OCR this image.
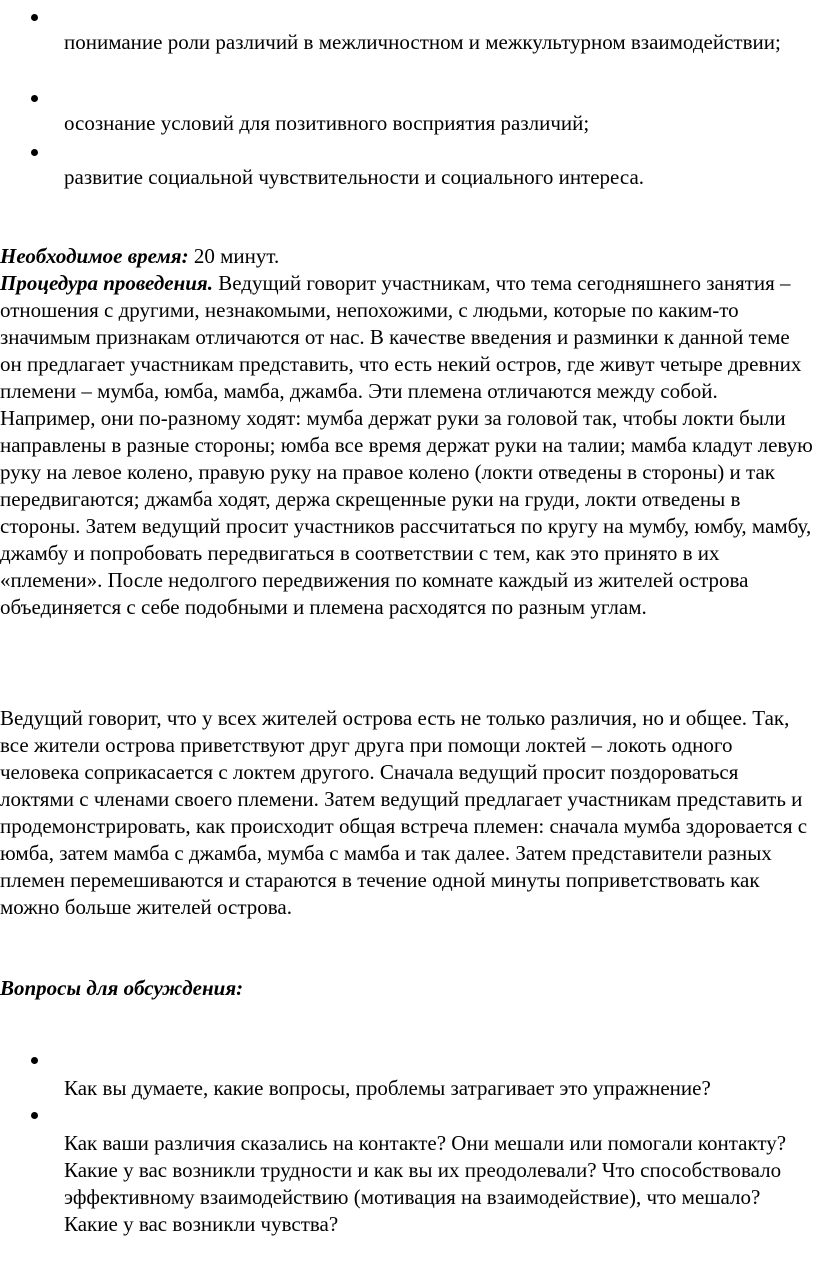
понимание роли различий в межличностном и межкультурном взаимодействии;

осознание условий для позитивного восприятия различий;

развитие социальной чувствительности и социального интереса.

Необходимое время: 20 минут.

Процедура проведения. Ведущий говорит участникам, что тема сегодняшнего занятия – отношения с другими, незнакомыми, непохожими, с людьми, которые по каким-то значимым признакам отличаются от нас. В качестве введения и разминки к данной теме он предлагает участникам представить, что есть некий остров, где живут четыре древних племени – мумба, юмба, мамба, джамба. Эти племена отличаются между собой. Например, они по-разному ходят: мумба держат руки за головой так, чтобы локти были направлены в разные стороны; юмба все время держат руки на талии; мамба кладут левую руку на левое колено, правую руку на правое колено (локти отведены в стороны) и так передвигаются; джамба ходят, держа скрещенные руки на груди, локти отведены в стороны. Затем ведущий просит участников рассчитаться по кругу на мумбу, юмбу, мамбу, джамбу и попробовать передвигаться в соответствии с тем, как это принято в их «племени». После недолгого передвижения по комнате каждый из жителей острова объединяется с себе подобными и племена расходятся по разным углам.

Ведущий говорит, что у всех жителей острова есть не только различия, но и общее. Так, все жители острова приветствуют друг друга при помощи локтей – локоть одного человека соприкасается с локтем другого. Сначала ведущий просит поздороваться локтями с членами своего племени. Затем ведущий предлагает участникам представить и продемонстрировать, как происходит общая встреча племен: сначала мумба здоровается с юмба, затем мамба с джамба, мумба с мамба и так далее. Затем представители разных племен перемешиваются и стараются в течение одной минуты поприветствовать как можно больше жителей острова.

Вопросы для обсуждения:

Как вы думаете, какие вопросы, проблемы затрагивает это упражнение?

Как ваши различия сказались на контакте? Они мешали или помогали контакту? Какие у вас возникли трудности и как вы их преодолевали? Что способствовало эффективному взаимодействию (мотивация на взаимодействие), что мешало? Какие у вас возникли чувства?
